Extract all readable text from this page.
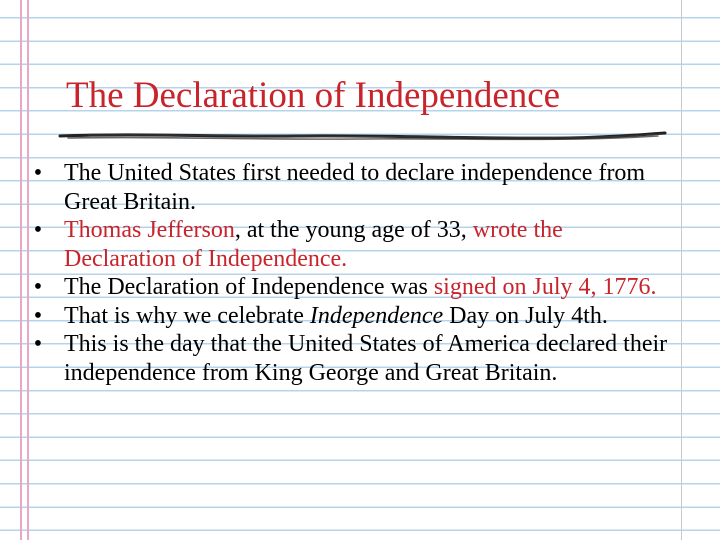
The Declaration of Independence
• The United States first needed to declare independence from Great Britain.
• Thomas Jefferson, at the young age of 33, wrote the Declaration of Independence.
• The Declaration of Independence was signed on July 4, 1776.
• That is why we celebrate Independence Day on July 4th.
• This is the day that the United States of America declared their independence from King George and Great Britain.
